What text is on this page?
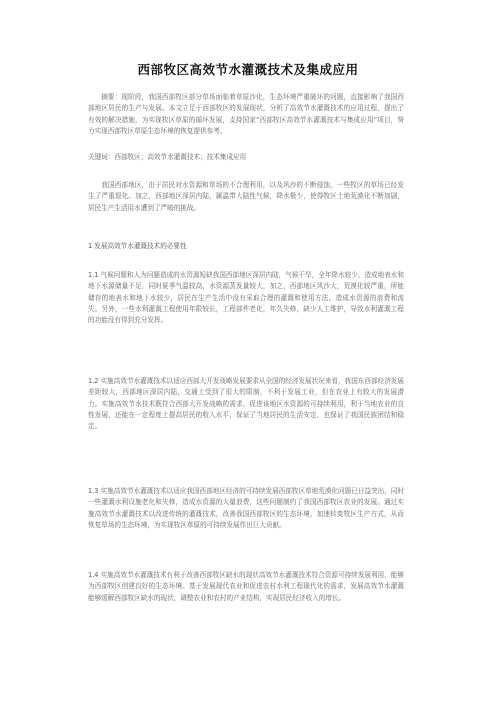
西部牧区高效节水灌溉技术及集成应用

摘要：现阶段，我国西部牧区部分草场面临着草原沙化，生态环境严重破坏的问题，直接影响了我国西部地区居民的生产与发展。本文立足于西部牧区的发展现状，分析了高效节水灌溉技术的应用过程，提出了有效的解决措施，为实现牧区草原的循环发展，支持国家“西部牧区高效节水灌溉技术与集成应用”项目，努力实现西部牧区草原生态环境的恢复提供参考。

关键词：西部牧区；高效节水灌溉技术；技术集成应用

我国西部地区，由于居民对水资源和草场的不合理利用，以及风沙的不断侵蚀，一些牧区的草场已经发生了严重退化。加之，西部地区深居内陆，属温带大陆性气候，降水极少，使得牧区土地荒漠化不断加剧，居民生产生活用水遭到了严峻的挑战。

1 发展高效节水灌溉技术的必要性

1.1 气候问题和人为问题造成的水资源短缺我国西部地区深居内陆，气候干旱，全年降水较少，造成地表水和地下水源储量不足，同时夏季气温较高，水资源蒸发量较大，加之，西部地区风沙大，荒漠化较严重，所能储存的地表水和地下水较少，居民在生产生活中没有采取合理的灌溉和使用方法，造成水资源的浪费和流失。另外，一些水利灌溉工程使用年限较长，工程部件老化，年久失修，缺少人工维护，导致水利灌溉工程的功能没有得到充分发挥。

1.2 实施高效节水灌溉技术以适应西部大开发战略发展要求从全国的经济发展状况来看，我国东西部经济发展差距较大，西部地区深居内陆，交通上受到了很大的限制，不利于发展工业，但在农业上有较大的发展潜力。实施高效节水技术既符合西部大开发战略的需求，促进该地区水资源的可持续利用，利于当地农业的良性发展，还能在一定程度上提高居民的收入水平，保证了当地居民的生活安定，也保证了我国民族团结和稳定。

1.3 实施高效节水灌溉技术以适应我国西部地区经济的可持续发展西部牧区草地荒漠化问题已日益突出，同时一些灌溉水利设施老化和失修，造成水资源的大量浪费，这些问题制约了我国西部牧区农业的发展。通过实施高效节水灌溉技术以改进传统的灌溉技术，改善我国西部牧区的生态环境，加速转变牧区生产方式，从而恢复草场的生态环境，为实现牧区草原的可持续发展作出巨大贡献。

1.4 实施高效节水灌溉技术有利于改善西部牧区缺水的现状高效节水灌溉技术符合资源可持续发展利用，能够为西部牧区创建良好的生态环境。基于发展现代农业和促进农村水利工程现代化的需求，发展高效节水灌溉能够缓解西部牧区缺水的现状，调整农业和农村的产业结构，实现居民经济收入的增长。
